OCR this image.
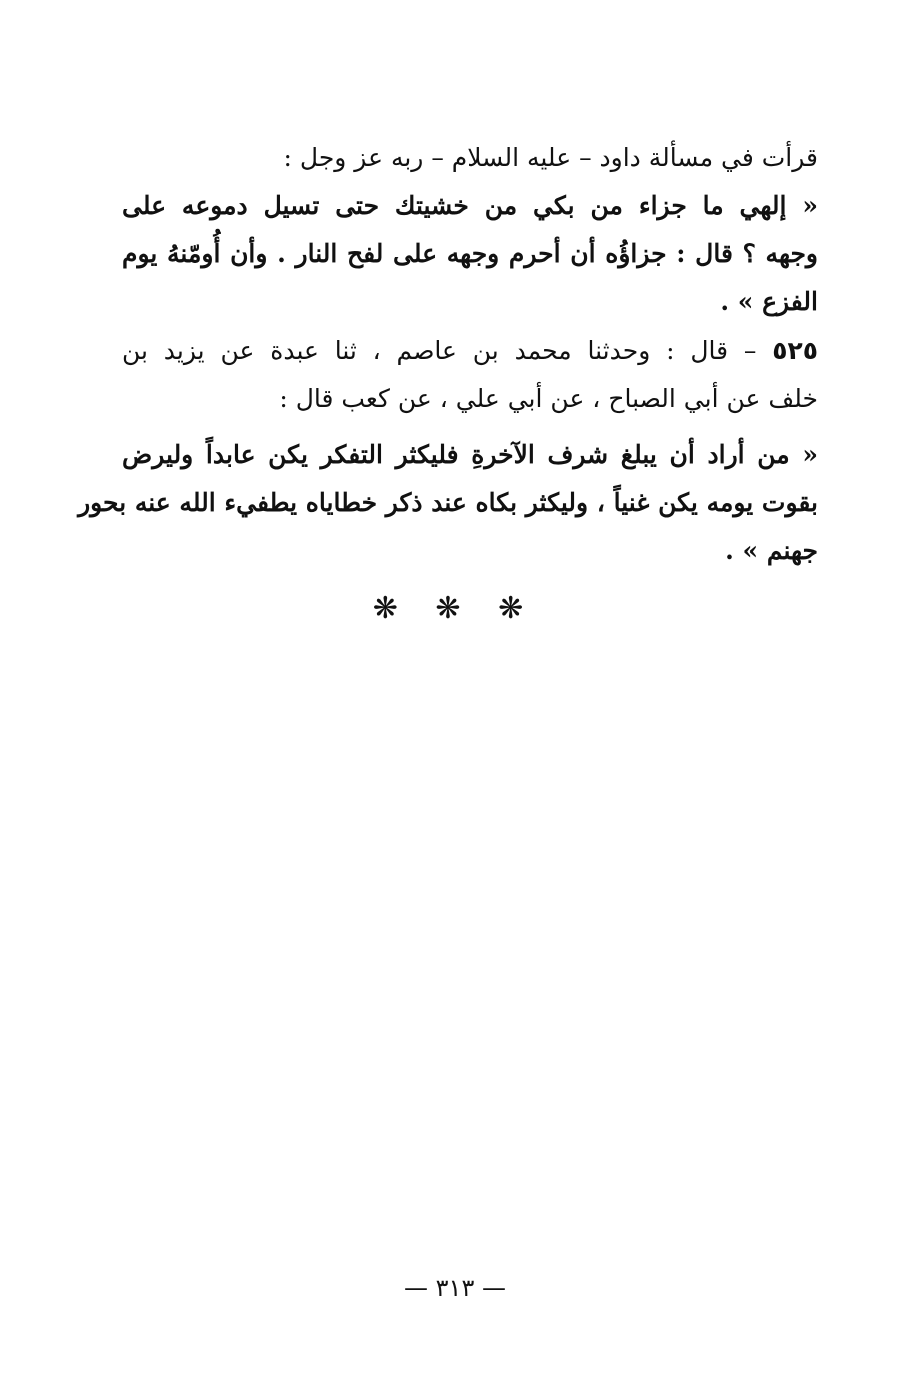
قرأت في مسألة داود – عليه السلام – ربه عز وجل :
« إلهي ما جزاء من بكي من خشيتك حتى تسيل دموعه على
وجهه ؟ قال : جزاؤُه أن أحرم وجهه على لفح النار . وأن أُومّنهُ يوم
الفزع » .
٥٢٥ – قال : وحدثنا محمد بن عاصم ، ثنا عبدة عن يزيد بن
خلف عن أبي الصباح ، عن أبي علي ، عن كعب قال :
« من أراد أن يبلغ شرف الآخرةِ فليكثر التفكر يكن عابداً وليرض
بقوت يومه يكن غنياً ، وليكثر بكاه عند ذكر خطاياه يطفيء الله عنه بحور
جهنم » .
❋ ❋ ❋
— ٣١٣ —
